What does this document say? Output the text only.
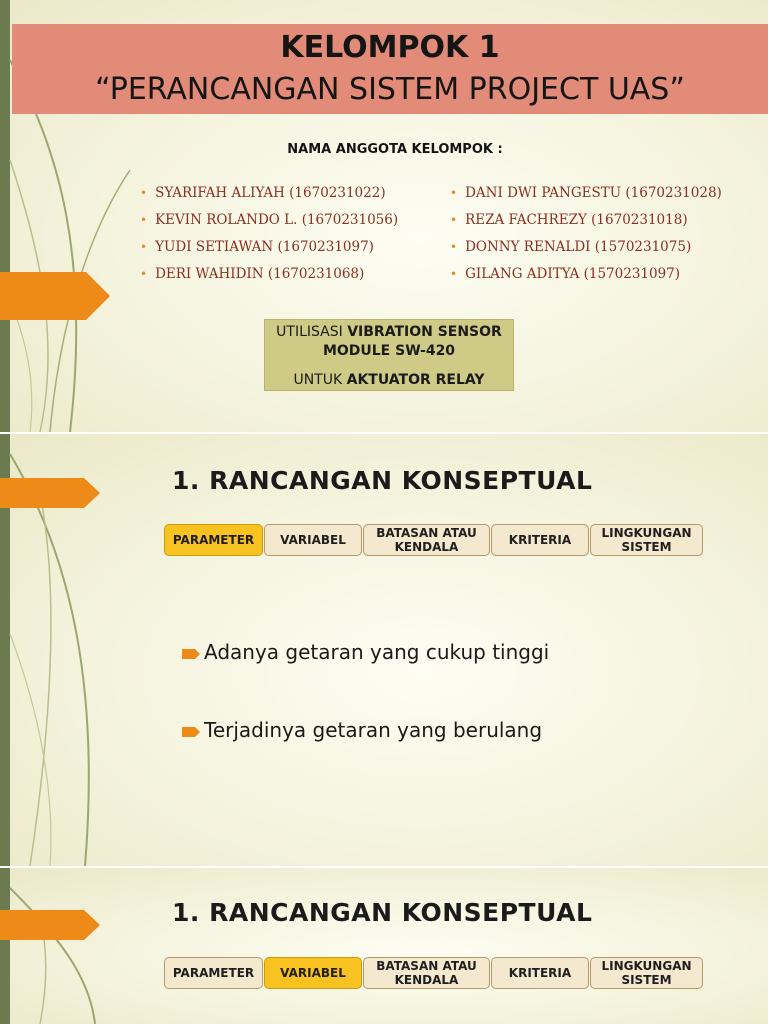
KELOMPOK 1
“PERANCANGAN SISTEM PROJECT UAS”
NAMA ANGGOTA KELOMPOK :
• SYARIFAH ALIYAH (1670231022)
• KEVIN ROLANDO L. (1670231056)
• YUDI SETIAWAN (1670231097)
• DERI WAHIDIN (1670231068)
• DANI DWI PANGESTU (1670231028)
• REZA FACHREZY (1670231018)
• DONNY RENALDI (1570231075)
• GILANG ADITYA (1570231097)
UTILISASI VIBRATION SENSOR
MODULE SW-420
UNTUK AKTUATOR RELAY
1. RANCANGAN KONSEPTUAL
PARAMETER	VARIABEL	BATASAN ATAU KENDALA	KRITERIA	LINGKUNGAN SISTEM
Adanya getaran yang cukup tinggi
Terjadinya getaran yang berulang
1. RANCANGAN KONSEPTUAL
PARAMETER	VARIABEL	BATASAN ATAU KENDALA	KRITERIA	LINGKUNGAN SISTEM
